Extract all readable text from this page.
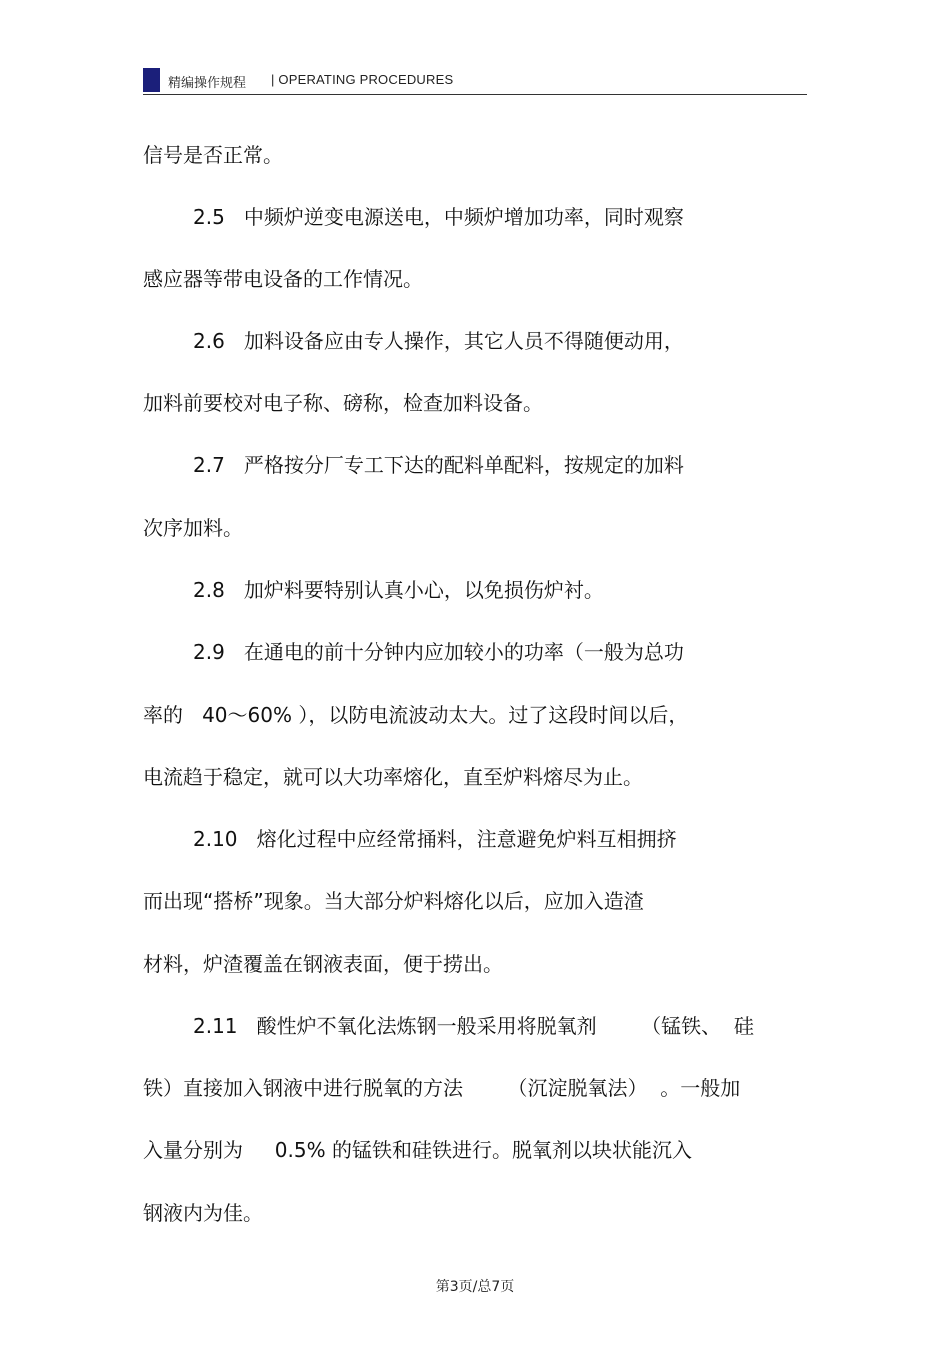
精编操作规程 | OPERATING PROCEDURES
信号是否正常。
2.5   中频炉逆变电源送电，中频炉增加功率，同时观察
感应器等带电设备的工作情况。
2.6   加料设备应由专人操作，其它人员不得随便动用，
加料前要校对电子称、磅称，检查加料设备。
2.7   严格按分厂专工下达的配料单配料，按规定的加料
次序加料。
2.8   加炉料要特别认真小心，以免损伤炉衬。
2.9   在通电的前十分钟内应加较小的功率（一般为总功
率的   40～60% ），以防电流波动太大。过了这段时间以后，
电流趋于稳定，就可以大功率熔化，直至炉料熔尽为止。
2.10   熔化过程中应经常捅料，注意避免炉料互相拥挤
而出现“搭桥”现象。当大部分炉料熔化以后，应加入造渣
材料，炉渣覆盖在钢液表面，便于捞出。
2.11   酸性炉不氧化法炼钢一般采用将脱氧剂       （锰铁、  硅
铁）直接加入钢液中进行脱氧的方法       （沉淀脱氧法）  。一般加
入量分别为     0.5% 的锰铁和硅铁进行。脱氧剂以块状能沉入
钢液内为佳。
第3页/总7页
